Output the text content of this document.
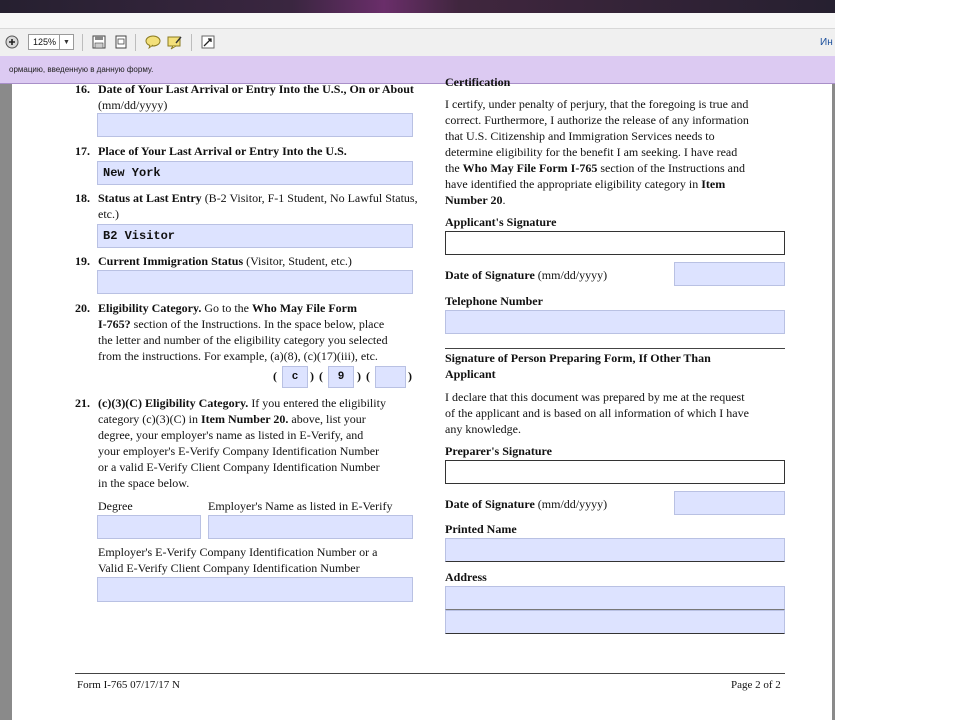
125%	▼	Ин
ормацию, введенную в данную форму.
16. Date of Your Last Arrival or Entry Into the U.S., On or About (mm/dd/yyyy)
17. Place of Your Last Arrival or Entry Into the U.S.
New York
18. Status at Last Entry (B-2 Visitor, F-1 Student, No Lawful Status, etc.)
B2 Visitor
19. Current Immigration Status (Visitor, Student, etc.)
20. Eligibility Category. Go to the Who May File Form
I-765? section of the Instructions. In the space below, place
the letter and number of the eligibility category you selected
from the instructions. For example, (a)(8), (c)(17)(iii), etc.
(	c ) (	9	) (	)
21. (c)(3)(C) Eligibility Category. If you entered the eligibility
category (c)(3)(C) in Item Number 20. above, list your
degree, your employer's name as listed in E-Verify, and
your employer's E-Verify Company Identification Number
or a valid E-Verify Client Company Identification Number
in the space below.
Degree	Employer's Name as listed in E-Verify
Employer's E-Verify Company Identification Number or a
Valid E-Verify Client Company Identification Number
Certification
I certify, under penalty of perjury, that the foregoing is true and
correct. Furthermore, I authorize the release of any information
that U.S. Citizenship and Immigration Services needs to
determine eligibility for the benefit I am seeking. I have read
the Who May File Form I-765 section of the Instructions and
have identified the appropriate eligibility category in Item
Number 20.
Applicant's Signature
Date of Signature (mm/dd/yyyy)
Telephone Number
Signature of Person Preparing Form, If Other Than
Applicant
I declare that this document was prepared by me at the request
of the applicant and is based on all information of which I have
any knowledge.
Preparer's Signature
Date of Signature (mm/dd/yyyy)
Printed Name
Address
Form I-765 07/17/17 N	Page 2 of 2
